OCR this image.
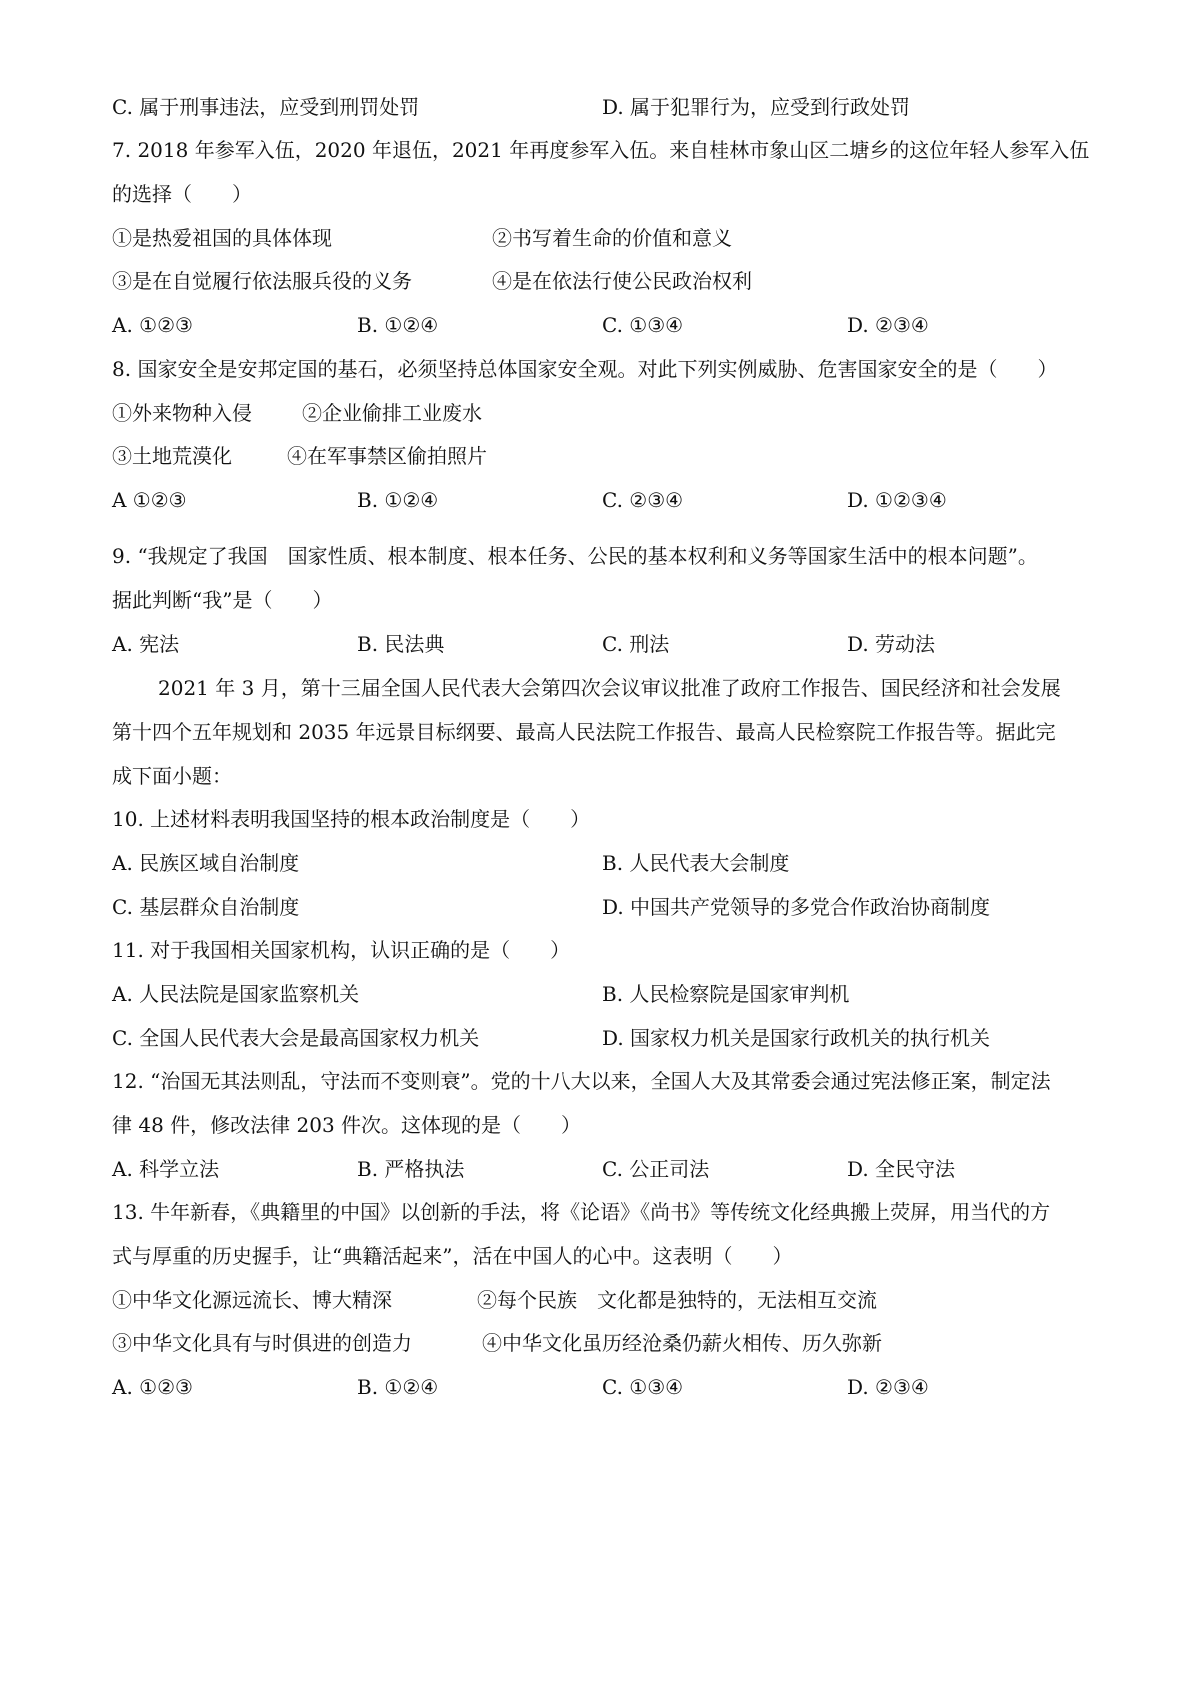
C. 属于刑事违法，应受到刑罚处罚	D. 属于犯罪行为，应受到行政处罚
7. 2018 年参军入伍，2020 年退伍，2021 年再度参军入伍。来自桂林市象山区二塘乡的这位年轻人参军入伍
的选择（　　）
①是热爱祖国的具体体现	②书写着生命的价值和意义
③是在自觉履行依法服兵役的义务	④是在依法行使公民政治权利
A. ①②③	B. ①②④	C. ①③④	D. ②③④
8. 国家安全是安邦定国的基石，必须坚持总体国家安全观。对此下列实例威胁、危害国家安全的是（　　）
①外来物种入侵	②企业偷排工业废水
③土地荒漠化	④在军事禁区偷拍照片
A ①②③	B. ①②④	C. ②③④	D. ①②③④
9. “我规定了我国　国家性质、根本制度、根本任务、公民的基本权利和义务等国家生活中的根本问题”。
据此判断“我”是（　　）
A. 宪法	B. 民法典	C. 刑法	D. 劳动法
2021 年 3 月，第十三届全国人民代表大会第四次会议审议批准了政府工作报告、国民经济和社会发展
第十四个五年规划和 2035 年远景目标纲要、最高人民法院工作报告、最高人民检察院工作报告等。据此完
成下面小题：
10. 上述材料表明我国坚持的根本政治制度是（　　）
A. 民族区域自治制度	B. 人民代表大会制度
C. 基层群众自治制度	D. 中国共产党领导的多党合作政治协商制度
11. 对于我国相关国家机构，认识正确的是（　　）
A. 人民法院是国家监察机关	B. 人民检察院是国家审判机
C. 全国人民代表大会是最高国家权力机关	D. 国家权力机关是国家行政机关的执行机关
12. “治国无其法则乱，守法而不变则衰”。党的十八大以来，全国人大及其常委会通过宪法修正案，制定法
律 48 件，修改法律 203 件次。这体现的是（　　）
A. 科学立法	B. 严格执法	C. 公正司法	D. 全民守法
13. 牛年新春，《典籍里的中国》以创新的手法，将《论语》《尚书》等传统文化经典搬上荧屏，用当代的方
式与厚重的历史握手，让“典籍活起来”，活在中国人的心中。这表明（　　）
①中华文化源远流长、博大精深	②每个民族　文化都是独特的，无法相互交流
③中华文化具有与时俱进的创造力	④中华文化虽历经沧桑仍薪火相传、历久弥新
A. ①②③	B. ①②④	C. ①③④	D. ②③④
